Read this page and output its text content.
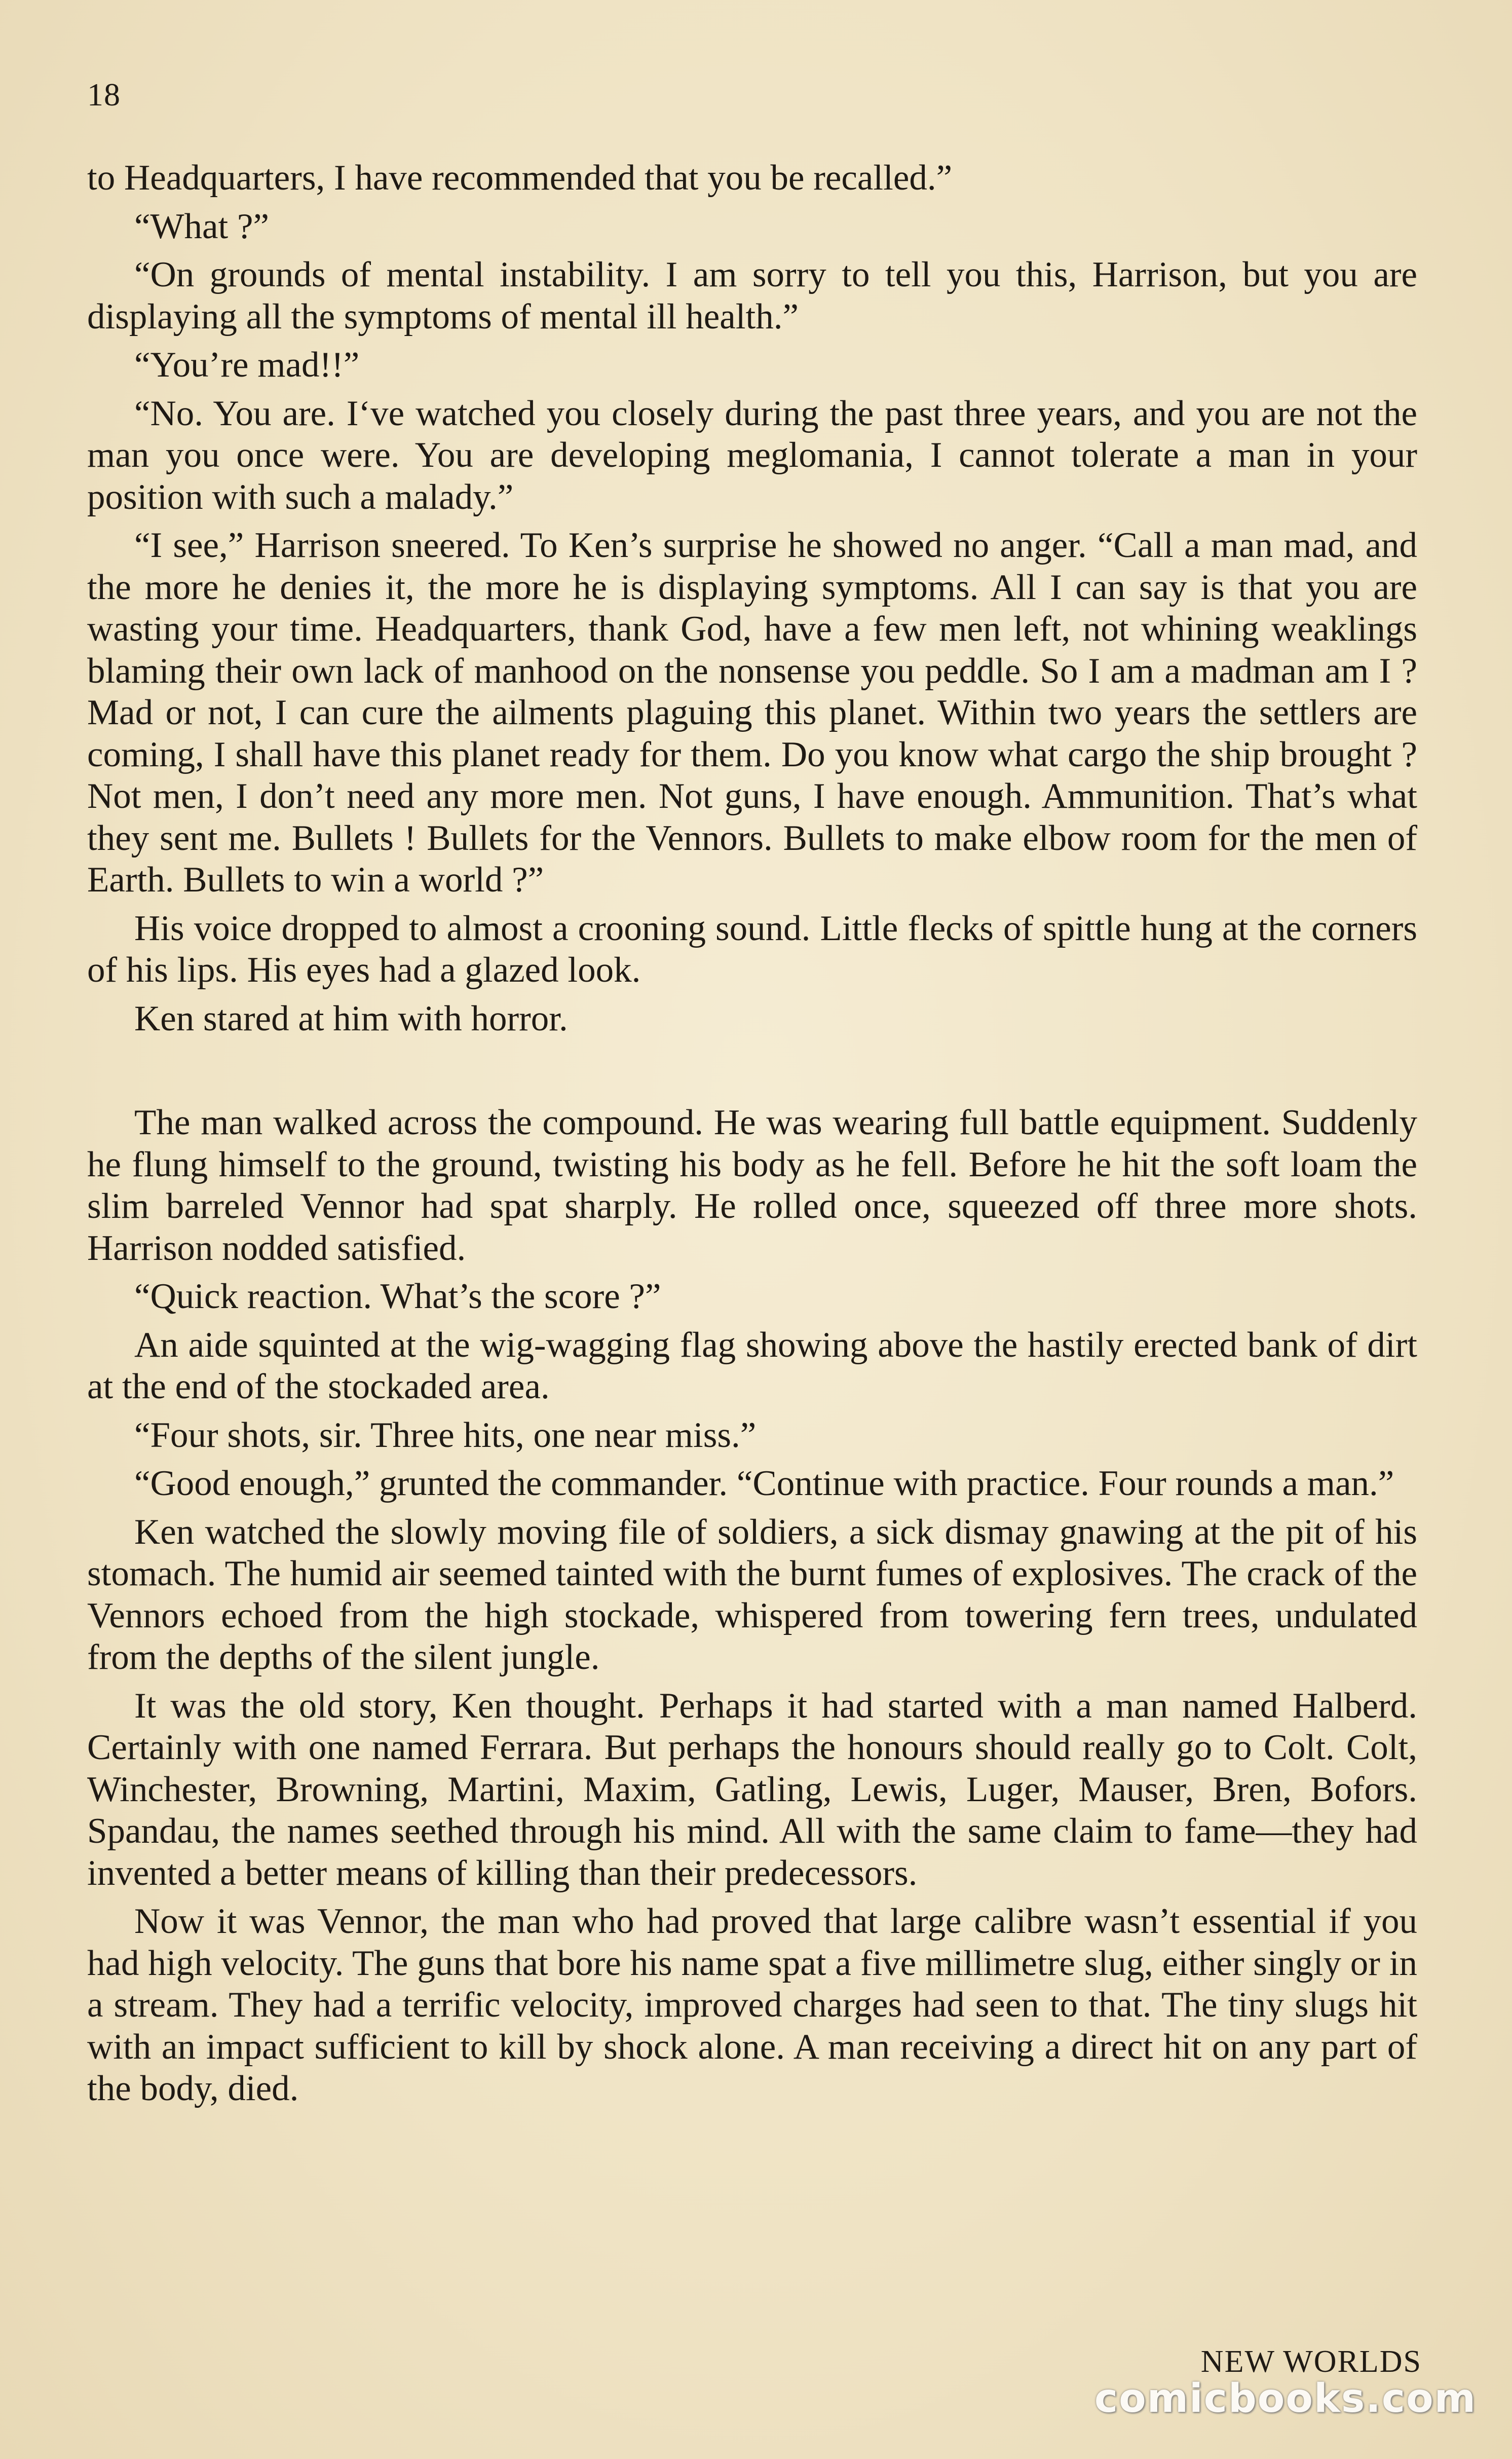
18

to Headquarters, I have recommended that you be recalled.”

“What ?”

“On grounds of mental instability. I am sorry to tell you this, Harrison, but you are displaying all the symptoms of mental ill health.”

“You’re mad!!”

“No. You are. I‘ve watched you closely during the past three years, and you are not the man you once were. You are developing meglomania, I cannot tolerate a man in your position with such a malady.”

“I see,” Harrison sneered. To Ken’s surprise he showed no anger. “Call a man mad, and the more he denies it, the more he is displaying symptoms. All I can say is that you are wasting your time. Headquarters, thank God, have a few men left, not whining weaklings blaming their own lack of manhood on the nonsense you peddle. So I am a madman am I ? Mad or not, I can cure the ailments plaguing this planet. Within two years the settlers are coming, I shall have this planet ready for them. Do you know what cargo the ship brought ? Not men, I don’t need any more men. Not guns, I have enough. Ammunition. That’s what they sent me. Bullets ! Bullets for the Vennors. Bullets to make elbow room for the men of Earth. Bullets to win a world ?”

His voice dropped to almost a crooning sound. Little flecks of spittle hung at the corners of his lips. His eyes had a glazed look.

Ken stared at him with horror.

The man walked across the compound. He was wearing full battle equipment. Suddenly he flung himself to the ground, twisting his body as he fell. Before he hit the soft loam the slim barreled Vennor had spat sharply. He rolled once, squeezed off three more shots. Harrison nodded satisfied.

“Quick reaction. What’s the score ?”

An aide squinted at the wig-wagging flag showing above the hastily erected bank of dirt at the end of the stockaded area.

“Four shots, sir. Three hits, one near miss.”

“Good enough,” grunted the commander. “Continue with practice. Four rounds a man.”

Ken watched the slowly moving file of soldiers, a sick dismay gnawing at the pit of his stomach. The humid air seemed tainted with the burnt fumes of explosives. The crack of the Vennors echoed from the high stockade, whispered from towering fern trees, undulated from the depths of the silent jungle.

It was the old story, Ken thought. Perhaps it had started with a man named Halberd. Certainly with one named Ferrara. But perhaps the honours should really go to Colt. Colt, Winchester, Browning, Martini, Maxim, Gatling, Lewis, Luger, Mauser, Bren, Bofors. Spandau, the names seethed through his mind. All with the same claim to fame—they had invented a better means of killing than their predecessors.

Now it was Vennor, the man who had proved that large calibre wasn’t essential if you had high velocity. The guns that bore his name spat a five millimetre slug, either singly or in a stream. They had a terrific velocity, improved charges had seen to that. The tiny slugs hit with an impact sufficient to kill by shock alone. A man receiving a direct hit on any part of the body, died.

NEW WORLDS
comicbooks.com
